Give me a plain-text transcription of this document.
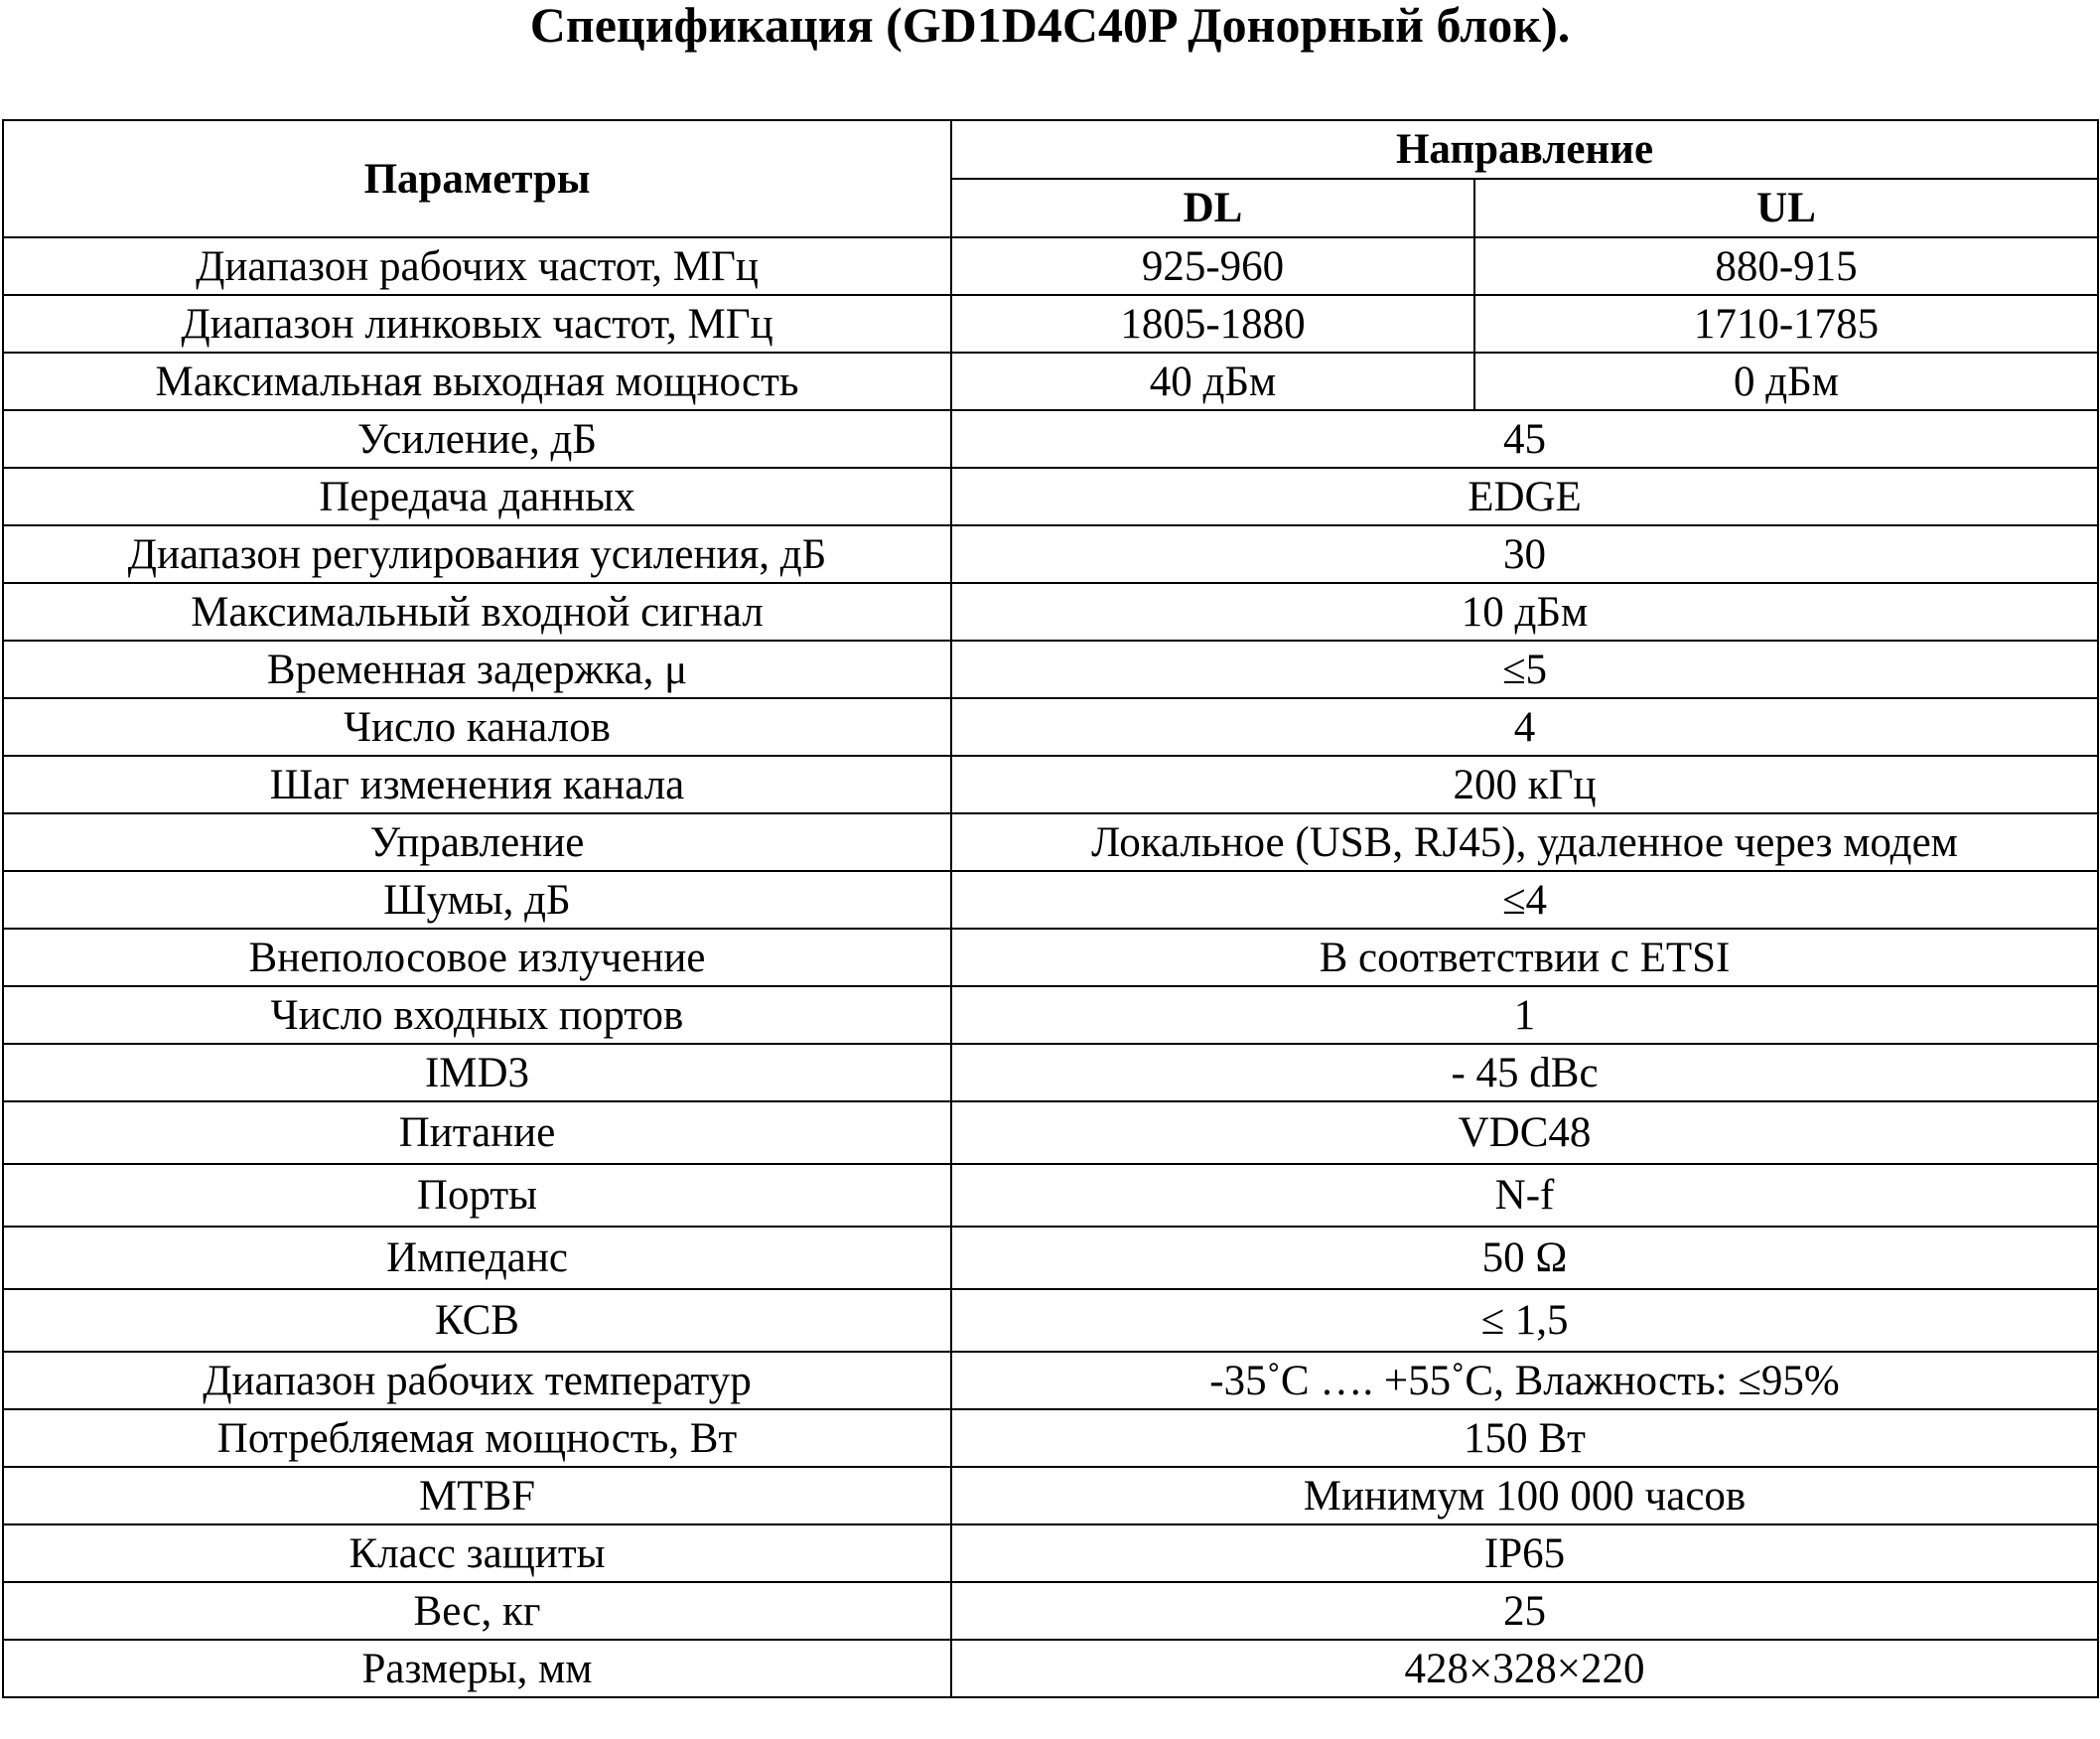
Спецификация (GD1D4C40P Донорный блок).
Параметры	Направление	
	DL	UL
Диапазон рабочих частот, МГц	925-960	880-915
Диапазон линковых частот, МГц	1805-1880	1710-1785
Максимальная выходная мощность	40 дБм	0 дБм
Усиление, дБ	45	
Передача данных	EDGE	
Диапазон регулирования усиления, дБ	30	
Максимальный входной сигнал	10 дБм	
Временная задержка, μ	≤5	
Число каналов	4	
Шаг изменения канала	200 кГц	
Управление	Локальное (USB, RJ45), удаленное через модем	
Шумы, дБ	≤4	
Внеполосовое излучение	В соответствии с ETSI	
Число входных портов	1	
IMD3	- 45 dBc	
Питание	VDC48	
Порты	N-f	
Импеданс	50 Ω	
КСВ	≤ 1,5	
Диапазон рабочих температур	-35˚С …. +55˚С, Влажность: ≤95%	
Потребляемая мощность, Вт	150 Вт	
MTBF	Минимум 100 000 часов	
Класс защиты	IP65	
Вес, кг	25	
Размеры, мм	428×328×220	
